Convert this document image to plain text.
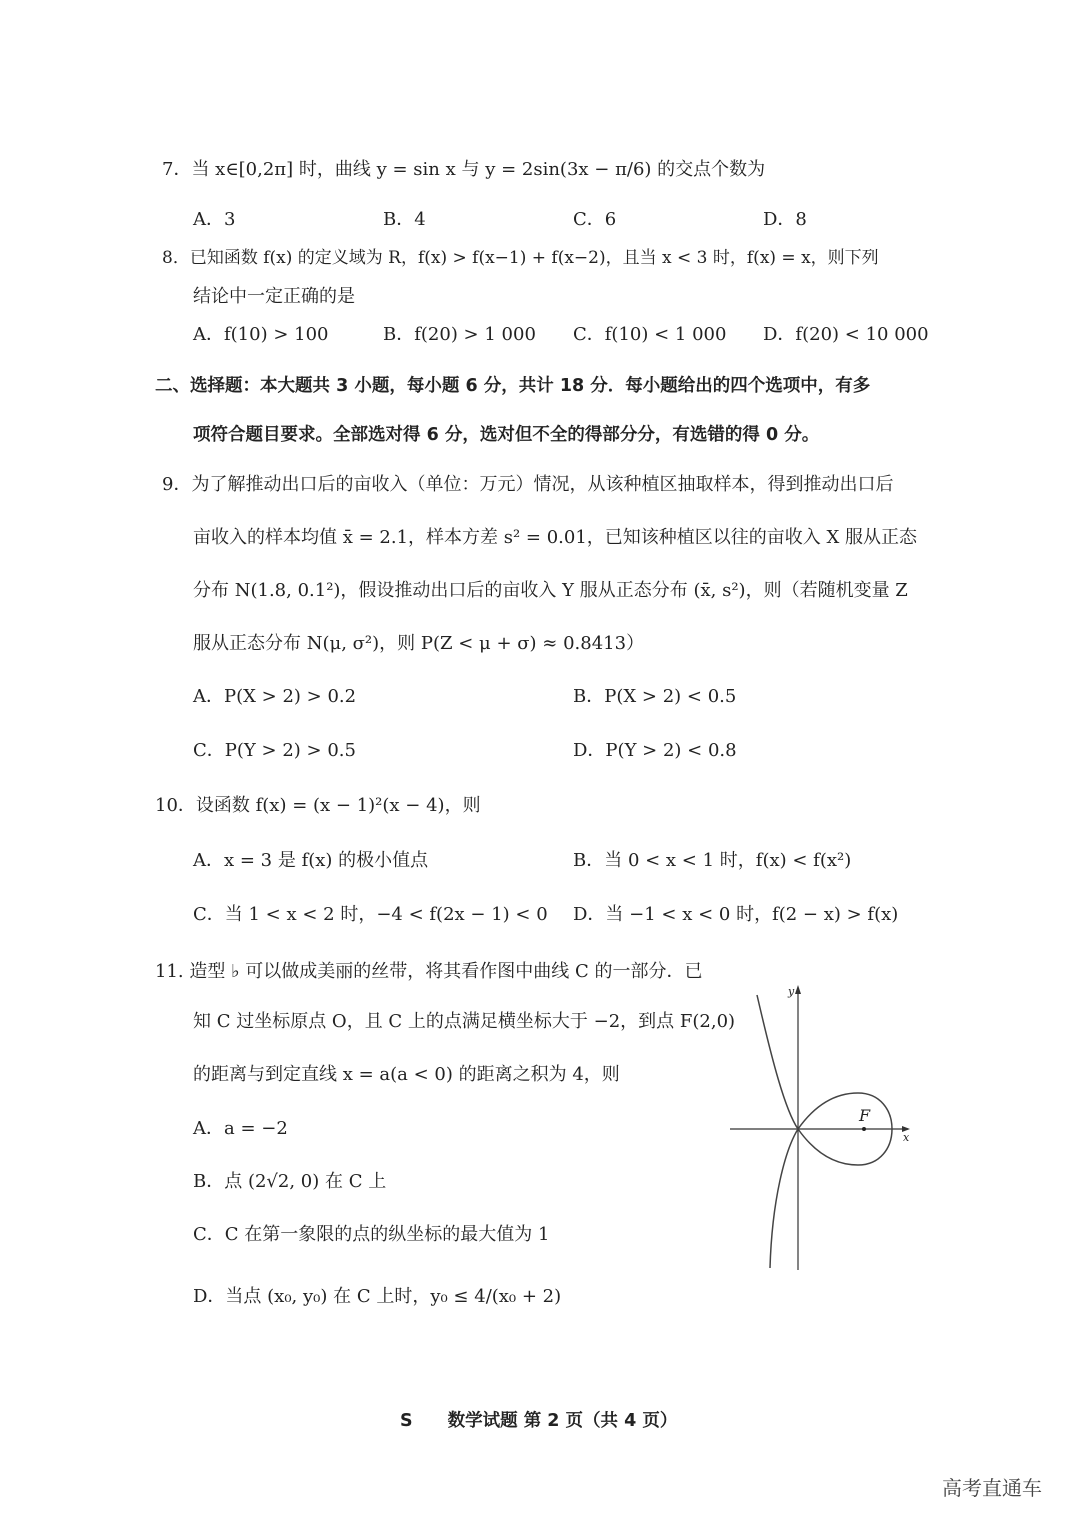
7．当 x∈[0,2π] 时，曲线 y = sin x 与 y = 2sin(3x − π/6) 的交点个数为
A．3	B．4	C．6	D．8
8．已知函数 f(x) 的定义域为 R，f(x) > f(x−1) + f(x−2)，且当 x < 3 时，f(x) = x，则下列
结论中一定正确的是
A．f(10) > 100	B．f(20) > 1 000 C．f(10) < 1 000 D．f(20) < 10 000
二、选择题：本大题共 3 小题，每小题 6 分，共计 18 分．每小题给出的四个选项中，有多
项符合题目要求。全部选对得 6 分，选对但不全的得部分分，有选错的得 0 分。
9．为了解推动出口后的亩收入（单位：万元）情况，从该种植区抽取样本，得到推动出口后
亩收入的样本均值 x̄ = 2.1，样本方差 s² = 0.01，已知该种植区以往的亩收入 X 服从正态
分布 N(1.8, 0.1²)，假设推动出口后的亩收入 Y 服从正态分布 (x̄, s²)，则（若随机变量 Z
服从正态分布 N(μ, σ²)，则 P(Z < μ + σ) ≈ 0.8413）
A．P(X > 2) > 0.2	B．P(X > 2) < 0.5
C．P(Y > 2) > 0.5	D．P(Y > 2) < 0.8
10．设函数 f(x) = (x − 1)²(x − 4)，则
A．x = 3 是 f(x) 的极小值点	B．当 0 < x < 1 时，f(x) < f(x²)
C．当 1 < x < 2 时，−4 < f(2x − 1) < 0 D．当 −1 < x < 0 时，f(2 − x) > f(x)
11. 造型 ♭ 可以做成美丽的丝带，将其看作图中曲线 C 的一部分．已
知 C 过坐标原点 O，且 C 上的点满足横坐标大于 −2，到点 F(2,0)
的距离与到定直线 x = a(a < 0) 的距离之积为 4，则
A．a = −2
B．点 (2√2, 0) 在 C 上
C．C 在第一象限的点的纵坐标的最大值为 1
D．当点 (x₀, y₀) 在 C 上时，y₀ ≤ 4/(x₀ + 2)
x
y
F
S　　数学试题 第 2 页（共 4 页）
高考直通车
